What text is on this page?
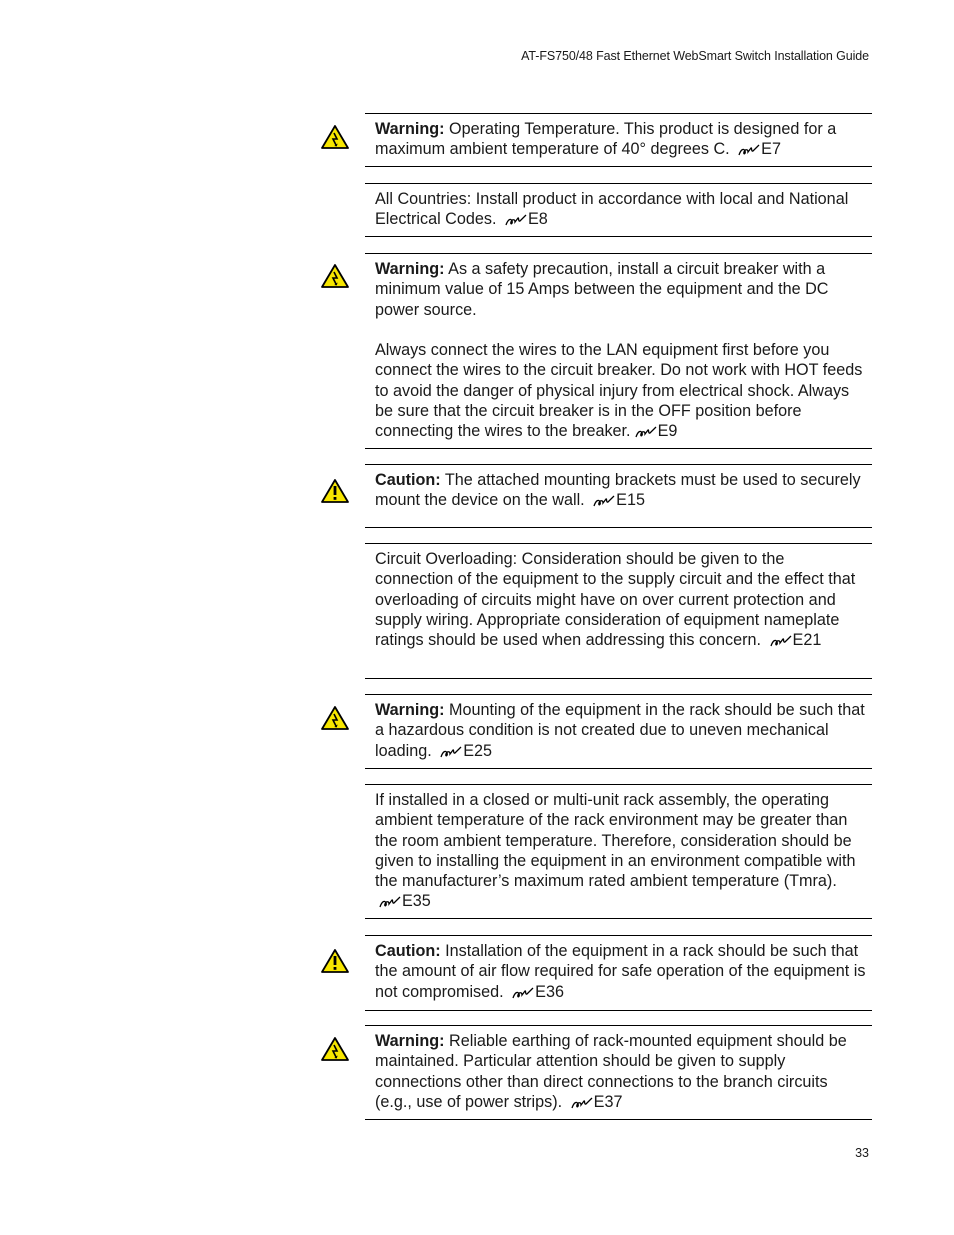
AT-FS750/48 Fast Ethernet WebSmart Switch Installation Guide

Warning: Operating Temperature. This product is designed for a maximum ambient temperature of 40° degrees C. E7

All Countries: Install product in accordance with local and National Electrical Codes. E8

Warning: As a safety precaution, install a circuit breaker with a minimum value of 15 Amps between the equipment and the DC power source.

Always connect the wires to the LAN equipment first before you connect the wires to the circuit breaker. Do not work with HOT feeds to avoid the danger of physical injury from electrical shock. Always be sure that the circuit breaker is in the OFF position before connecting the wires to the breaker. E9

Caution: The attached mounting brackets must be used to securely mount the device on the wall. E15

Circuit Overloading: Consideration should be given to the connection of the equipment to the supply circuit and the effect that overloading of circuits might have on over current protection and supply wiring. Appropriate consideration of equipment nameplate ratings should be used when addressing this concern. E21

Warning: Mounting of the equipment in the rack should be such that a hazardous condition is not created due to uneven mechanical loading. E25

If installed in a closed or multi-unit rack assembly, the operating ambient temperature of the rack environment may be greater than the room ambient temperature. Therefore, consideration should be given to installing the equipment in an environment compatible with the manufacturer’s maximum rated ambient temperature (Tmra). E35

Caution: Installation of the equipment in a rack should be such that the amount of air flow required for safe operation of the equipment is not compromised. E36

Warning: Reliable earthing of rack-mounted equipment should be maintained. Particular attention should be given to supply connections other than direct connections to the branch circuits (e.g., use of power strips). E37

33
